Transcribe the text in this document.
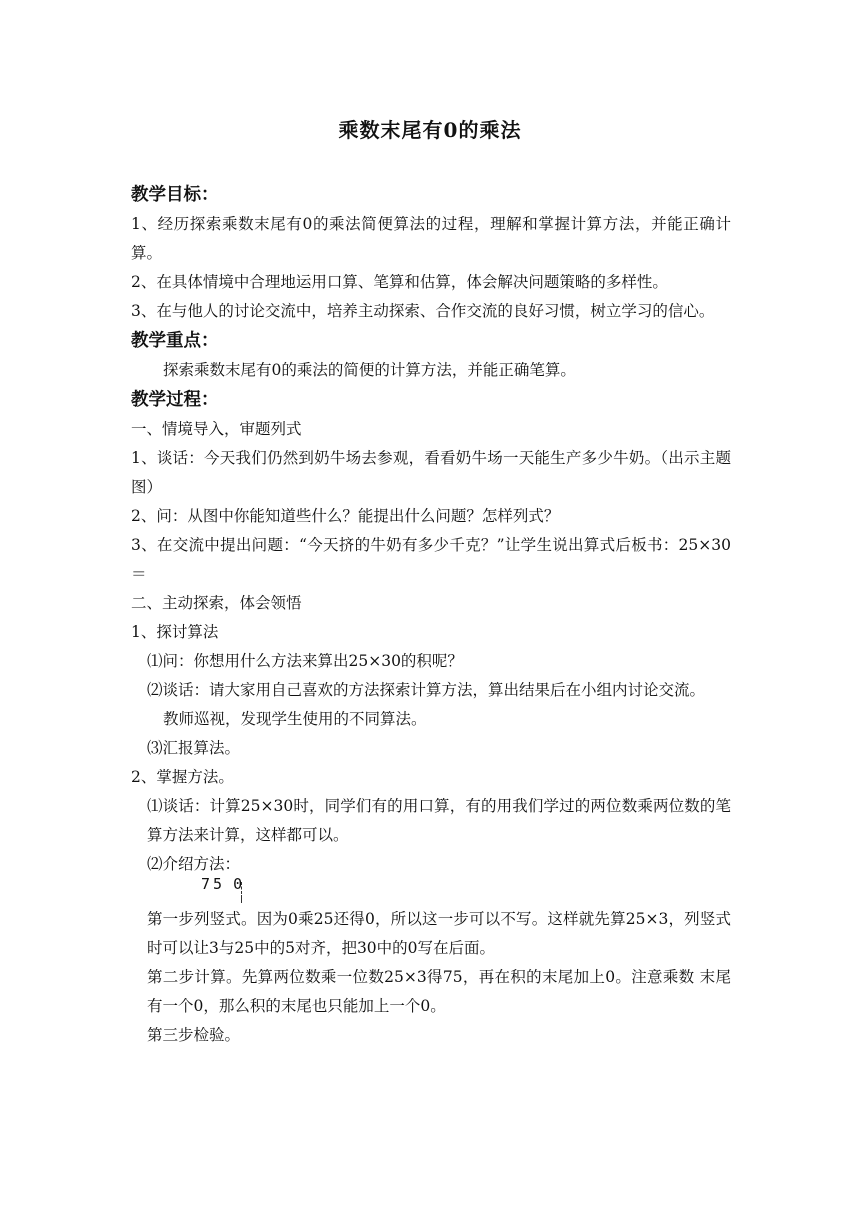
乘数末尾有0的乘法
教学目标：
1、经历探索乘数末尾有0的乘法简便算法的过程，理解和掌握计算方法，并能正确计算。
2、在具体情境中合理地运用口算、笔算和估算，体会解决问题策略的多样性。
3、在与他人的讨论交流中，培养主动探索、合作交流的良好习惯，树立学习的信心。
教学重点：
探索乘数末尾有0的乘法的简便的计算方法，并能正确笔算。
教学过程：
一、情境导入，审题列式
1、谈话：今天我们仍然到奶牛场去参观，看看奶牛场一天能生产多少牛奶。（出示主题图）
2、问：从图中你能知道些什么？能提出什么问题？怎样列式？
3、在交流中提出问题：“今天挤的牛奶有多少千克？”让学生说出算式后板书：25×30＝
二、主动探索，体会领悟
1、探讨算法
⑴问：你想用什么方法来算出25×30的积呢？
⑵谈话：请大家用自己喜欢的方法探索计算方法，算出结果后在小组内讨论交流。
教师巡视，发现学生使用的不同算法。
⑶汇报算法。
2、掌握方法。
⑴谈话：计算25×30时，同学们有的用口算，有的用我们学过的两位数乘两位数的笔算方法来计算，这样都可以。
⑵介绍方法：
75 0
第一步列竖式。因为0乘25还得0，所以这一步可以不写。这样就先算25×3，列竖式时可以让3与25中的5对齐，把30中的0写在后面。
第二步计算。先算两位数乘一位数25×3得75，再在积的末尾加上0。注意乘数 末尾有一个0，那么积的末尾也只能加上一个0。
第三步检验。
